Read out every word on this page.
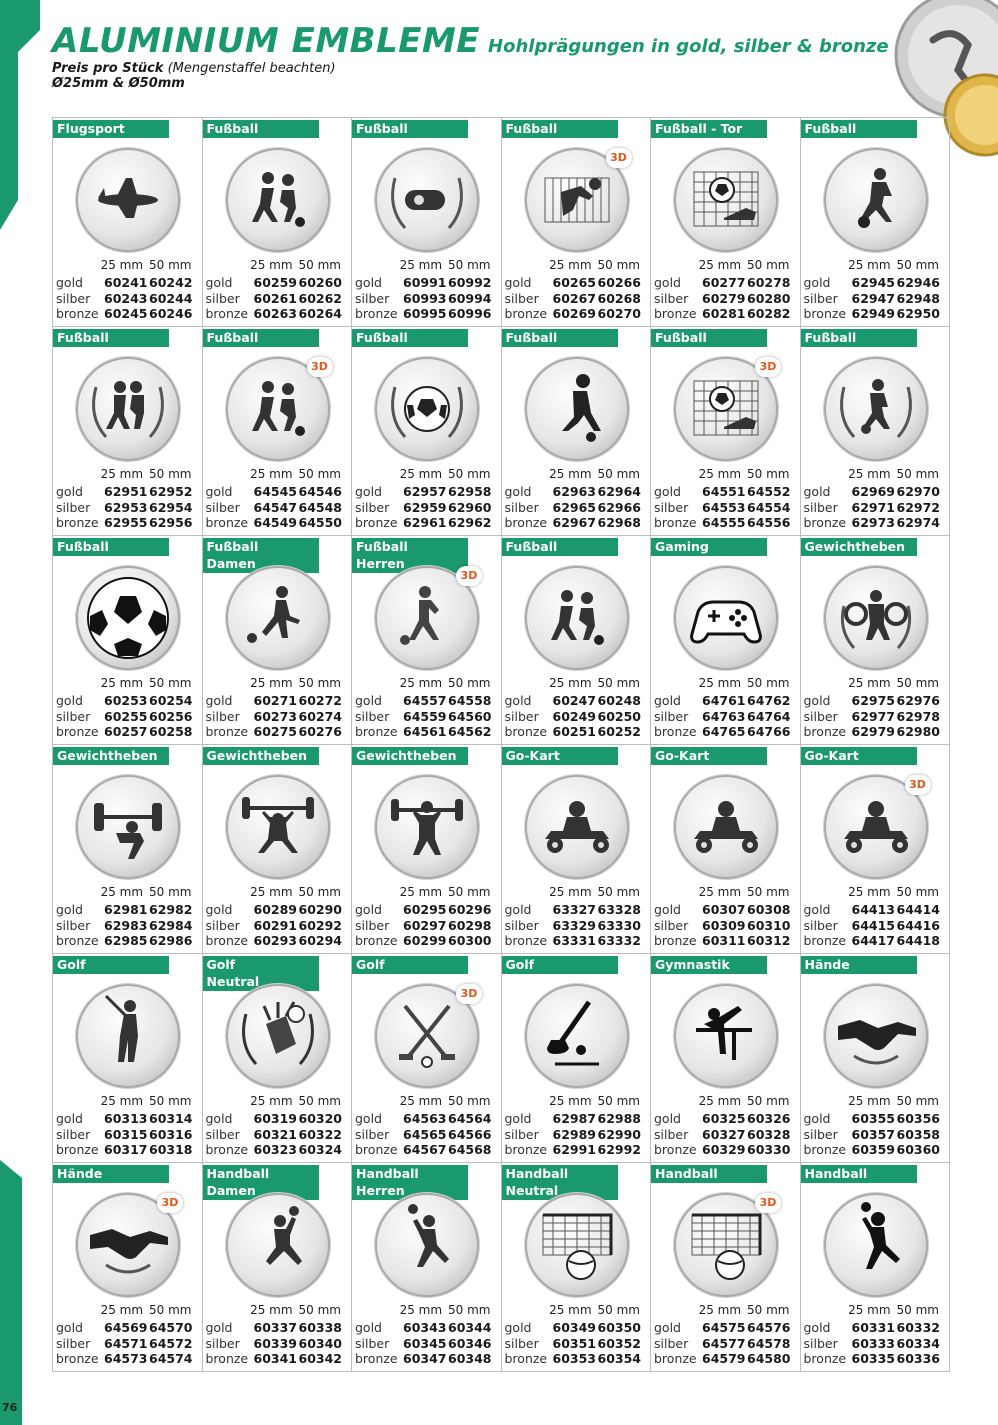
ALUMINIUM EMBLEME Hohlprägungen in gold, silber & bronze
Preis pro Stück (Mengenstaffel beachten)
Ø25mm & Ø50mm
Flugsport
25 mm 50 mm
gold	60241	60242
silber	60243	60244
bronze	60245	60246
Fußball
25 mm 50 mm
gold	60259	60260
silber	60261	60262
bronze	60263	60264
Fußball
25 mm 50 mm
gold	60991	60992
silber	60993	60994
bronze	60995	60996
Fußball
3D
25 mm 50 mm
gold	60265	60266
silber	60267	60268
bronze	60269	60270
Fußball - Tor
25 mm 50 mm
gold	60277	60278
silber	60279	60280
bronze	60281	60282
Fußball
25 mm 50 mm
gold	62945	62946
silber	62947	62948
bronze	62949	62950
Fußball
25 mm 50 mm
gold	62951	62952
silber	62953	62954
bronze	62955	62956
Fußball
3D
25 mm 50 mm
gold	64545	64546
silber	64547	64548
bronze	64549	64550
Fußball
25 mm 50 mm
gold	62957	62958
silber	62959	62960
bronze	62961	62962
Fußball
25 mm 50 mm
gold	62963	62964
silber	62965	62966
bronze	62967	62968
Fußball
3D
25 mm 50 mm
gold	64551	64552
silber	64553	64554
bronze	64555	64556
Fußball
25 mm 50 mm
gold	62969	62970
silber	62971	62972
bronze	62973	62974
Fußball
25 mm 50 mm
gold	60253	60254
silber	60255	60256
bronze	60257	60258
Fußball
Damen
25 mm 50 mm
gold	60271	60272
silber	60273	60274
bronze	60275	60276
Fußball
Herren
3D
25 mm 50 mm
gold	64557	64558
silber	64559	64560
bronze	64561	64562
Fußball
25 mm 50 mm
gold	60247	60248
silber	60249	60250
bronze	60251	60252
Gaming
25 mm 50 mm
gold	64761	64762
silber	64763	64764
bronze	64765	64766
Gewichtheben
25 mm 50 mm
gold	62975	62976
silber	62977	62978
bronze	62979	62980
Gewichtheben
25 mm 50 mm
gold	62981	62982
silber	62983	62984
bronze	62985	62986
Gewichtheben
25 mm 50 mm
gold	60289	60290
silber	60291	60292
bronze	60293	60294
Gewichtheben
25 mm 50 mm
gold	60295	60296
silber	60297	60298
bronze	60299	60300
Go-Kart
25 mm 50 mm
gold	63327	63328
silber	63329	63330
bronze	63331	63332
Go-Kart
25 mm 50 mm
gold	60307	60308
silber	60309	60310
bronze	60311	60312
Go-Kart
3D
25 mm 50 mm
gold	64413	64414
silber	64415	64416
bronze	64417	64418
Golf
25 mm 50 mm
gold	60313	60314
silber	60315	60316
bronze	60317	60318
Golf
Neutral
25 mm 50 mm
gold	60319	60320
silber	60321	60322
bronze	60323	60324
Golf
3D
25 mm 50 mm
gold	64563	64564
silber	64565	64566
bronze	64567	64568
Golf
25 mm 50 mm
gold	62987	62988
silber	62989	62990
bronze	62991	62992
Gymnastik
25 mm 50 mm
gold	60325	60326
silber	60327	60328
bronze	60329	60330
Hände
25 mm 50 mm
gold	60355	60356
silber	60357	60358
bronze	60359	60360
Hände
3D
25 mm 50 mm
gold	64569	64570
silber	64571	64572
bronze	64573	64574
Handball
Damen
25 mm 50 mm
gold	60337	60338
silber	60339	60340
bronze	60341	60342
Handball
Herren
25 mm 50 mm
gold	60343	60344
silber	60345	60346
bronze	60347	60348
Handball
Neutral
25 mm 50 mm
gold	60349	60350
silber	60351	60352
bronze	60353	60354
Handball
3D
25 mm 50 mm
gold	64575	64576
silber	64577	64578
bronze	64579	64580
Handball
25 mm 50 mm
gold	60331	60332
silber	60333	60334
bronze	60335	60336
76
